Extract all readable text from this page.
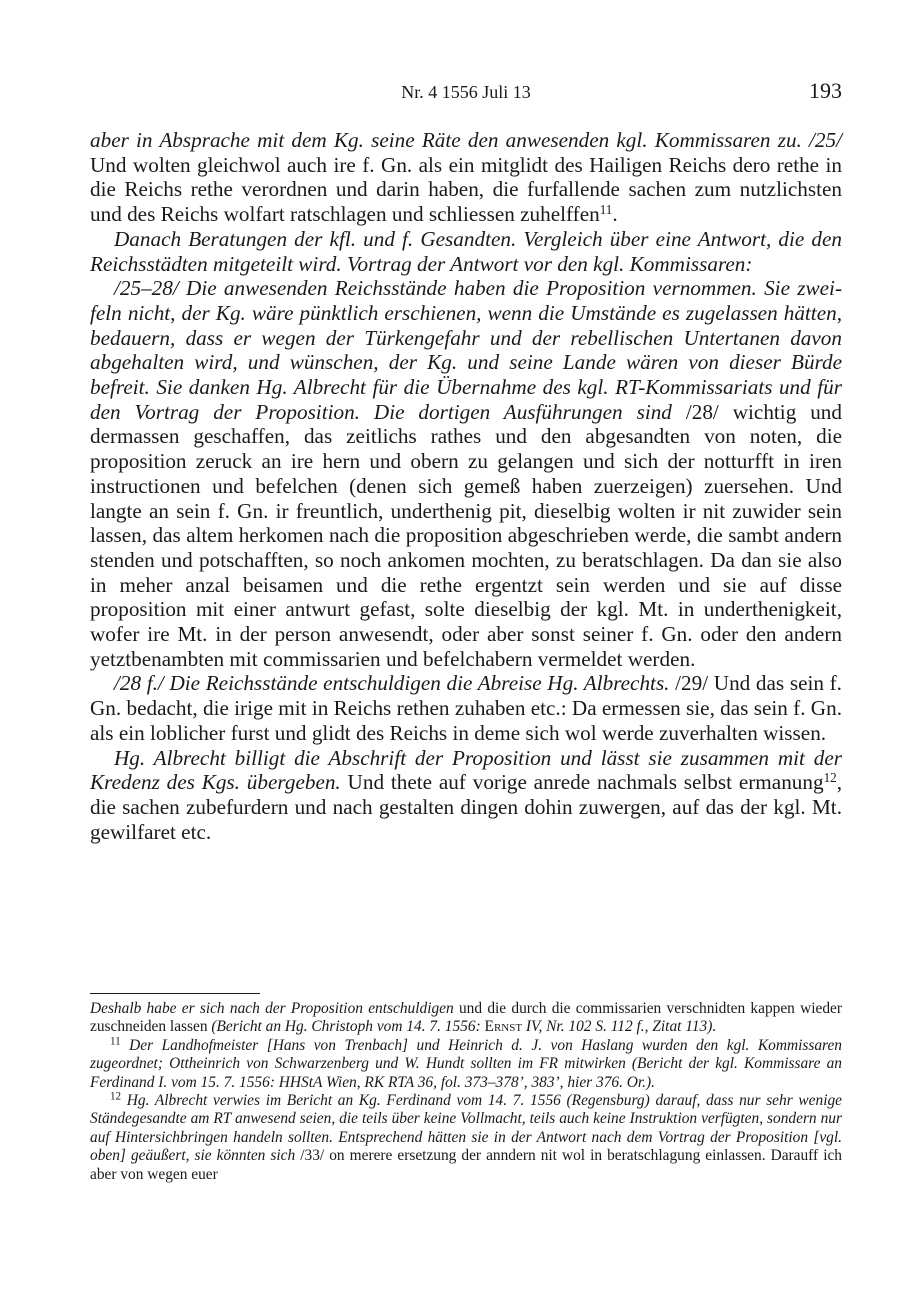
Nr. 4 1556 Juli 13	193

aber in Absprache mit dem Kg. seine Räte den anwesenden kgl. Kommissaren zu. /25/ Und wolten gleichwol auch ire f. Gn. als ein mitglidt des Hailigen Reichs dero rethe in die Reichs rethe verordnen und darin haben, die furfallende sachen zum nutzlichsten und des Reichs wolfart ratschlagen und schliessen zuhelffen$^{11}$.

Danach Beratungen der kfl. und f. Gesandten. Vergleich über eine Antwort, die den Reichsstädten mitgeteilt wird. Vortrag der Antwort vor den kgl. Kommissaren:

/25–28/ Die anwesenden Reichsstände haben die Proposition vernommen. Sie zweifeln nicht, der Kg. wäre pünktlich erschienen, wenn die Umstände es zugelassen hätten, bedauern, dass er wegen der Türkengefahr und der rebellischen Untertanen davon abgehalten wird, und wünschen, der Kg. und seine Lande wären von dieser Bürde befreit. Sie danken Hg. Albrecht für die Übernahme des kgl. RT-Kommissariats und für den Vortrag der Proposition. Die dortigen Ausführungen sind /28/ wichtig und dermassen geschaffen, das zeitlichs rathes und den abgesandten von noten, die proposition zeruck an ire hern und obern zu gelangen und sich der notturfft in iren instructionen und befelchen (denen sich gemeß haben zuerzeigen) zuersehen. Und langte an sein f. Gn. ir freuntlich, underthenig pit, dieselbig wolten ir nit zuwider sein lassen, das altem herkomen nach die proposition abgeschrieben werde, die sambt andern stenden und potschafften, so noch ankomen mochten, zu beratschlagen. Da dan sie also in meher anzal beisamen und die rethe ergentzt sein werden und sie auf disse proposition mit einer antwurt gefast, solte dieselbig der kgl. Mt. in underthenigkeit, wofer ire Mt. in der person anwesendt, oder aber sonst seiner f. Gn. oder den andern yetztbenambten mit commissarien und befelchabern vermeldet werden.

/28 f./ Die Reichsstände entschuldigen die Abreise Hg. Albrechts. /29/ Und das sein f. Gn. bedacht, die irige mit in Reichs rethen zuhaben etc.: Da ermessen sie, das sein f. Gn. als ein loblicher furst und glidt des Reichs in deme sich wol werde zuverhalten wissen.

Hg. Albrecht billigt die Abschrift der Proposition und lässt sie zusammen mit der Kredenz des Kgs. übergeben. Und thete auf vorige anrede nachmals selbst ermanung$^{12}$, die sachen zubefurdern und nach gestalten dingen dohin zuwergen, auf das der kgl. Mt. gewilfaret etc.

Deshalb habe er sich nach der Proposition entschuldigen und die durch die commissarien verschnidten kappen wieder zuschneiden lassen (Bericht an Hg. Christoph vom 14. 7. 1556: Ernst IV, Nr. 102 S. 112 f., Zitat 113).

$^{11}$ Der Landhofmeister [Hans von Trenbach] und Heinrich d. J. von Haslang wurden den kgl. Kommissaren zugeordnet; Ottheinrich von Schwarzenberg und W. Hundt sollten im FR mitwirken (Bericht der kgl. Kommissare an Ferdinand I. vom 15. 7. 1556: HHStA Wien, RK RTA 36, fol. 373–378’, 383’, hier 376. Or.).

$^{12}$ Hg. Albrecht verwies im Bericht an Kg. Ferdinand vom 14. 7. 1556 (Regensburg) darauf, dass nur sehr wenige Ständegesandte am RT anwesend seien, die teils über keine Vollmacht, teils auch keine Instruktion verfügten, sondern nur auf Hintersichbringen handeln sollten. Entsprechend hätten sie in der Antwort nach dem Vortrag der Proposition [vgl. oben] geäußert, sie könnten sich /33/ on merere ersetzung der anndern nit wol in beratschlagung einlassen. Darauff ich aber von wegen euer
